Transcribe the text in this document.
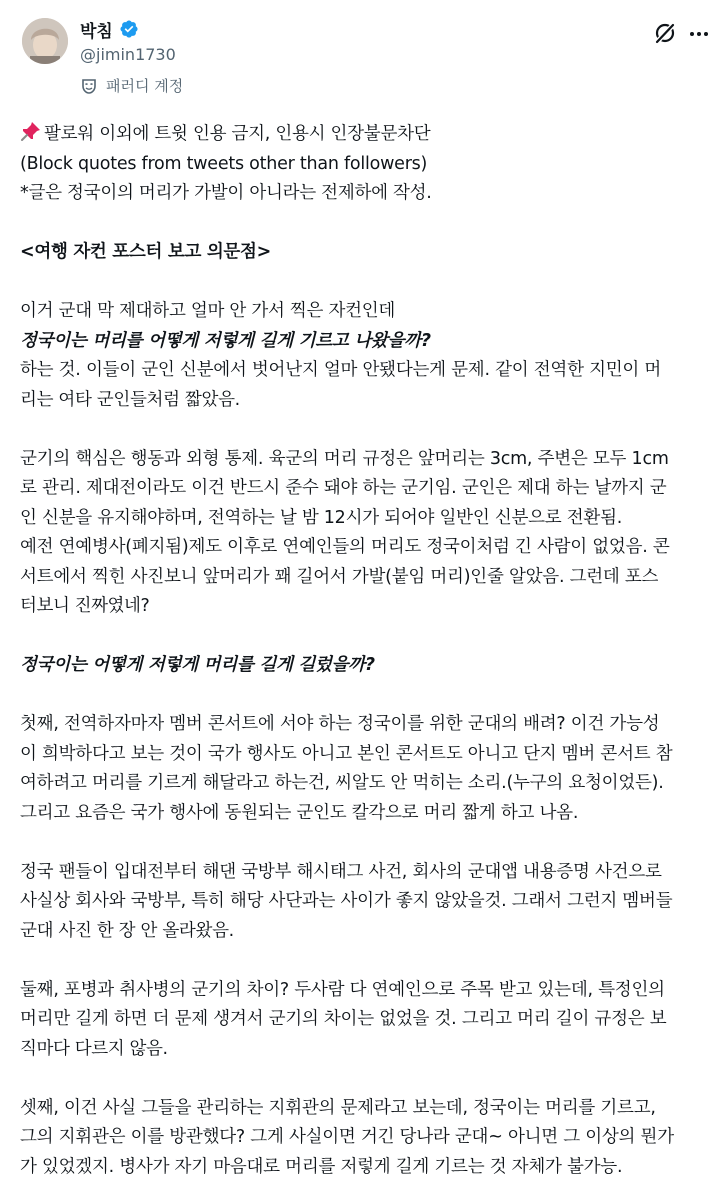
박침
@jimin1730
패러디 계정
팔로워 이외에 트윗 인용 금지, 인용시 인장불문차단
(Block quotes from tweets other than followers)
*글은 정국이의 머리가 가발이 아니라는 전제하에 작성.
<여행 자컨 포스터 보고 의문점>
이거 군대 막 제대하고 얼마 안 가서 찍은 자컨인데
정국이는 머리를 어떻게 저렇게 길게 기르고 나왔을까?
하는 것. 이들이 군인 신분에서 벗어난지 얼마 안됐다는게 문제. 같이 전역한 지민이 머
리는 여타 군인들처럼 짧았음.
군기의 핵심은 행동과 외형 통제. 육군의 머리 규정은 앞머리는 3cm, 주변은 모두 1cm
로 관리. 제대전이라도 이건 반드시 준수 돼야 하는 군기임. 군인은 제대 하는 날까지 군
인 신분을 유지해야하며, 전역하는 날 밤 12시가 되어야 일반인 신분으로 전환됨.
예전 연예병사(폐지됨)제도 이후로 연예인들의 머리도 정국이처럼 긴 사람이 없었음. 콘
서트에서 찍힌 사진보니 앞머리가 꽤 길어서 가발(붙임 머리)인줄 알았음. 그런데 포스
터보니 진짜였네?
정국이는 어떻게 저렇게 머리를 길게 길렀을까?
첫째, 전역하자마자 멤버 콘서트에 서야 하는 정국이를 위한 군대의 배려? 이건 가능성
이 희박하다고 보는 것이 국가 행사도 아니고 본인 콘서트도 아니고 단지 멤버 콘서트 참
여하려고 머리를 기르게 해달라고 하는건, 씨알도 안 먹히는 소리.(누구의 요청이었든).
그리고 요즘은 국가 행사에 동원되는 군인도 칼각으로 머리 짧게 하고 나옴.
정국 팬들이 입대전부터 해댄 국방부 해시태그 사건, 회사의 군대앱 내용증명 사건으로
사실상 회사와 국방부, 특히 해당 사단과는 사이가 좋지 않았을것. 그래서 그런지 멤버들
군대 사진 한 장 안 올라왔음.
둘째, 포병과 취사병의 군기의 차이? 두사람 다 연예인으로 주목 받고 있는데, 특정인의
머리만 길게 하면 더 문제 생겨서 군기의 차이는 없었을 것. 그리고 머리 길이 규정은 보
직마다 다르지 않음.
셋째, 이건 사실 그들을 관리하는 지휘관의 문제라고 보는데, 정국이는 머리를 기르고,
그의 지휘관은 이를 방관했다? 그게 사실이면 거긴 당나라 군대~ 아니면 그 이상의 뭔가
가 있었겠지. 병사가 자기 마음대로 머리를 저렇게 길게 기르는 것 자체가 불가능.
